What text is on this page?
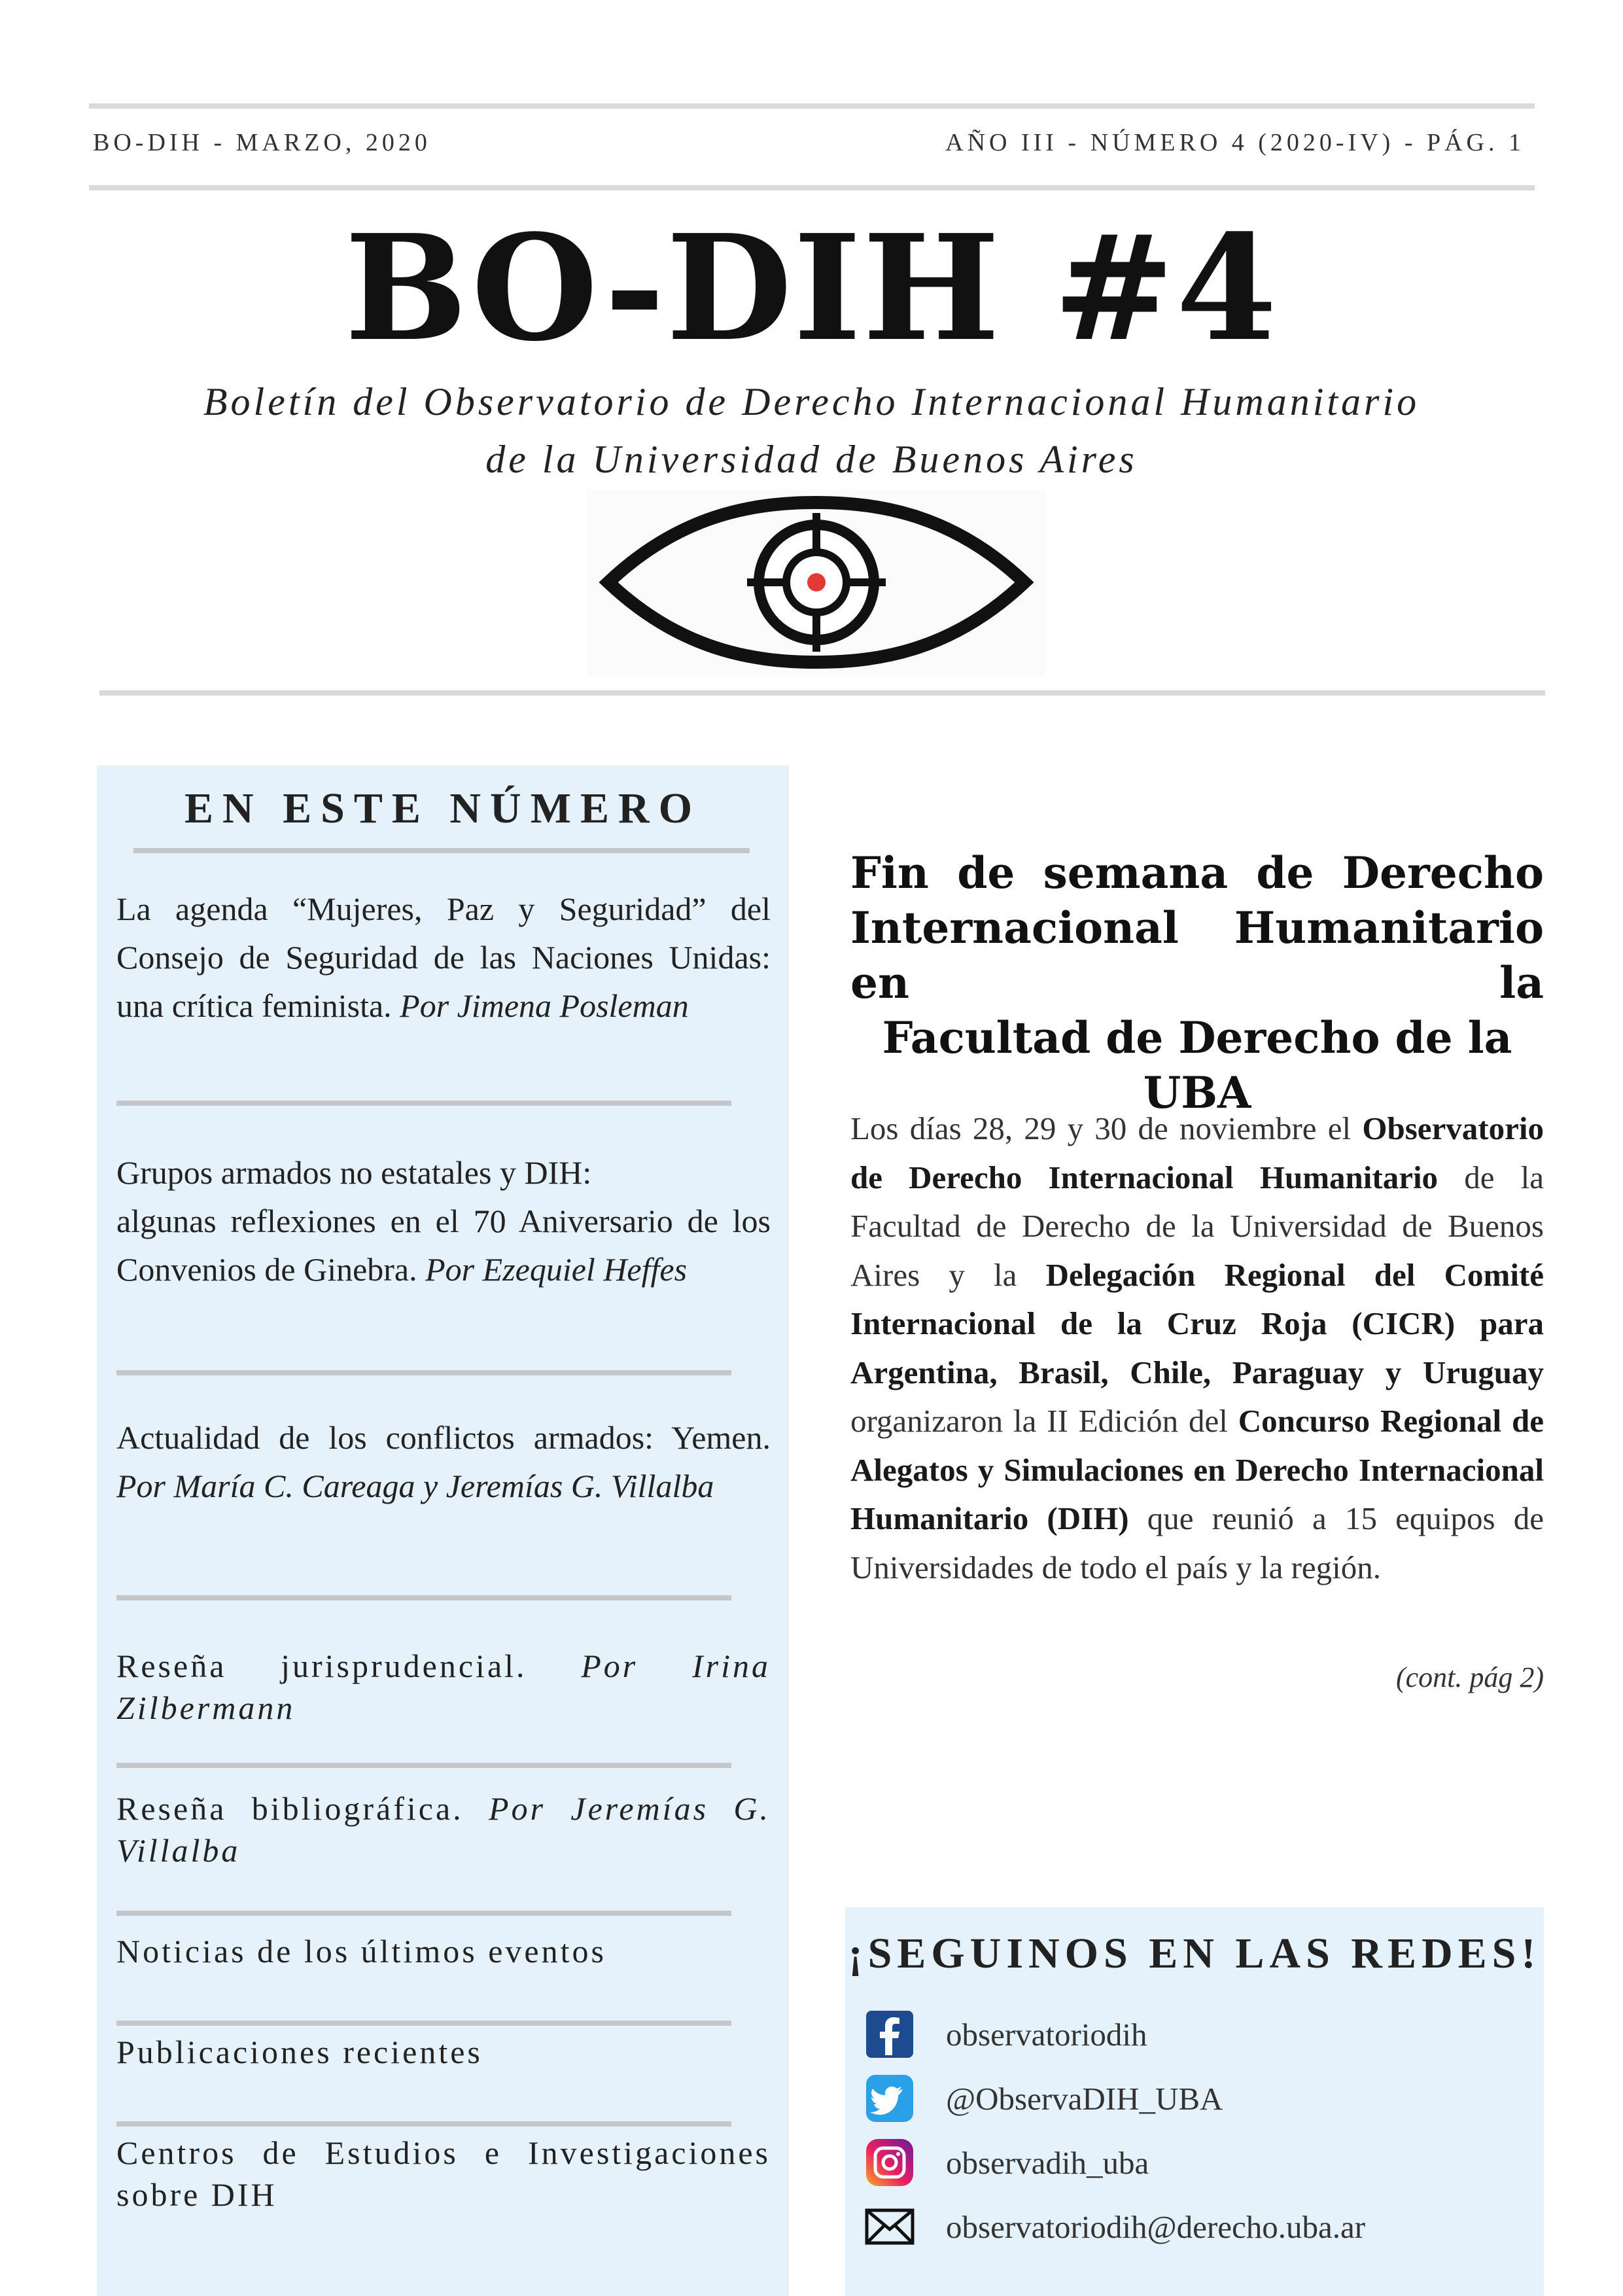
BO-DIH - MARZO, 2020	AÑO III - NÚMERO 4 (2020-IV) - PÁG. 1
BO-DIH #4
Boletín del Observatorio de Derecho Internacional Humanitario
de la Universidad de Buenos Aires
EN ESTE NÚMERO
La agenda “Mujeres, Paz y Seguridad” del Consejo de Seguridad de las Naciones Unidas: una crítica feminista. Por Jimena Posleman
Grupos armados no estatales y DIH:
algunas reflexiones en el 70 Aniversario de los Convenios de Ginebra. Por Ezequiel Heffes
Actualidad de los conflictos armados: Yemen. Por María C. Careaga y Jeremías G. Villalba
Reseña jurisprudencial. Por Irina Zilbermann
Reseña bibliográfica. Por Jeremías G. Villalba
Noticias de los últimos eventos
Publicaciones recientes
Centros de Estudios e Investigaciones sobre DIH
Fin de semana de Derecho
Internacional Humanitario en la
Facultad de Derecho de la UBA
Los días 28, 29 y 30 de noviembre el Observatorio de Derecho Internacional Humanitario de la Facultad de Derecho de la Universidad de Buenos Aires y la Delegación Regional del Comité Internacional de la Cruz Roja (CICR) para Argentina, Brasil, Chile, Paraguay y Uruguay organizaron la II Edición del Concurso Regional de Alegatos y Simulaciones en Derecho Internacional Humanitario (DIH) que reunió a 15 equipos de Universidades de todo el país y la región.
(cont. pág 2)
¡SEGUINOS EN LAS REDES!
observatoriodih
@ObservaDIH_UBA
observadih_uba
observatoriodih@derecho.uba.ar
